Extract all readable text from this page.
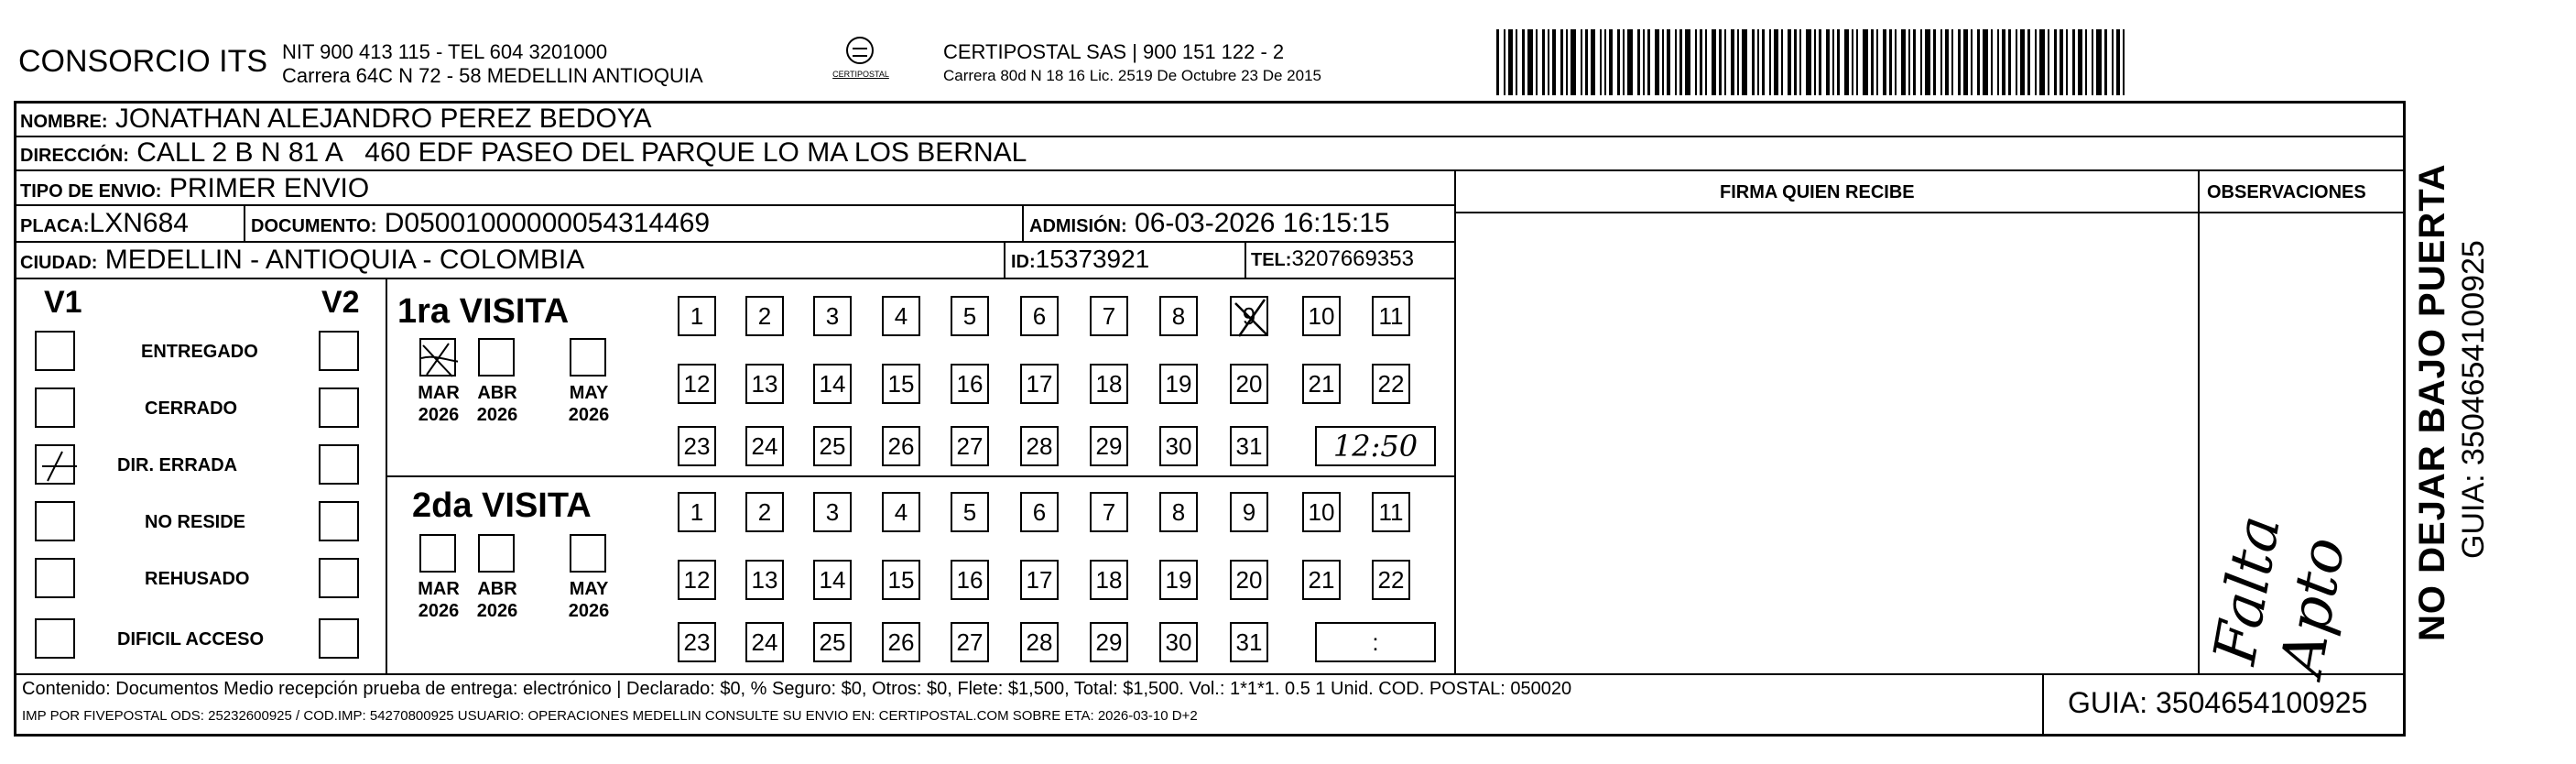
CONSORCIO ITS NIT 900 413 115 - TEL 604 3201000
Carrera 64C N 72 - 58 MEDELLIN ANTIOQUIA	CERTIPOSTAL
CERTIPOSTAL SAS | 900 151 122 - 2
Carrera 80d N 18 16 Lic. 2519 De Octubre 23 De 2015
NOMBRE: JONATHAN ALEJANDRO PEREZ BEDOYA
DIRECCIÓN: CALL 2 B N 81 A   460 EDF PASEO DEL PARQUE LO MA LOS BERNAL
TIPO DE ENVIO: PRIMER ENVIO
PLACA:LXN684	DOCUMENTO: D05001000000054314469	ADMISIÓN: 06-03-2026 16:15:15
CIUDAD: MEDELLIN - ANTIOQUIA - COLOMBIA	ID:15373921	TEL:3207669353
FIRMA QUIEN RECIBE	OBSERVACIONES
V1	V2
ENTREGADO
CERRADO
DIR. ERRADA
NO RESIDE
REHUSADO
DIFICIL ACCESO
1ra VISITA
MAR
2026
ABR
2026
MAY
2026
1	2	3	4	5	6	7	8	9	10 11
12 13 14 15 16 17 18 19 20 21 22
23 24 25 26 27 28 29 30 31	12:50
2da VISITA
MAR
2026
ABR
2026
MAY
2026
1	2	3	4	5	6	7	8	9	10 11
12 13 14 15 16 17 18 19 20 21 22
23 24 25 26 27 28 29 30 31	:	Falta Apto
Contenido: Documentos Medio recepción prueba de entrega: electrónico | Declarado: $0, % Seguro: $0, Otros: $0, Flete: $1,500, Total: $1,500. Vol.: 1*1*1. 0.5 1 Unid. COD. POSTAL: 050020
IMP POR FIVEPOSTAL ODS: 25232600925 / COD.IMP: 54270800925 USUARIO: OPERACIONES MEDELLIN CONSULTE SU ENVIO EN: CERTIPOSTAL.COM SOBRE ETA: 2026-03-10 D+2	GUIA: 3504654100925
NO DEJAR BAJO PUERTA GUIA: 3504654100925
